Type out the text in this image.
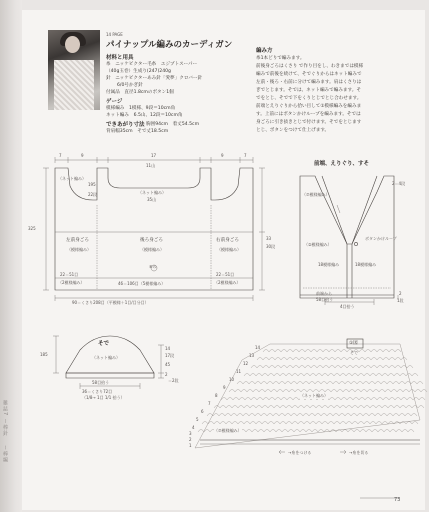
雑誌7 ー棒針
ー棒編
14 PAGE
パイナップル編みのカーディガン
材料と用具
糸　ニッケビクター毛糸　エジプトスーパー
（40g玉巻）生成り(247)240g
針　ニッケビクターあみ針「愛夢」クロバー針
6/0号かぎ針
付属品　直径1.8cmのボタン1個
ゲージ
模様編み　1模様、9段＝10cm角
ネット編み　6.5山、12段＝10cm角
できあがり寸法 胸囲94cm　着丈54.5cm
背肩幅35cm　そで丈18.5cm
編み方
糸1本どりで編みます。
前後身ごろはくさり で作り目をし、わきまでは模様
編みで前後を続けて、そでぐりからはネット編みで
左前・後ろ・右前に分けて編みます。肩はくさりは
ぎでとじます。そでは、ネット編みで編みます。そ
でをとじ、そでで下をくりとじでとじ合わせます。
前端とえりぐりから拾い目して①模様編みを編みま
す。上前にはボタンかけループを編みます。そでは
身ごろに引き抜きとじで付けます。そでをとじます
とじ、ボタンをつけて仕上げます。
7	9	17	9	7
11山
（ネット編み）
35山
（ネット編み）
195
22段
325
左前身ごろ	後ろ身ごろ	右前身ごろ
（模様編み）	（模様編み）	（模様編み）
⑥の
22＝51目
（2模様編み）	46＝106目（5模様編み）
22＝51目
（2模様編み）
90＝くさり208目（平模様＋1目/目分目）
33
30段
前端、えりぐり、すそ
2＝4段
（⑦模様編み）
ボタンかけループ
（②模様編み）
18模様編み	18模様編み
前端から
58目拾う
4目拾う
2
1段
そで
（ネット編み）
185
14
17段
45
2
＝2段
58目拾う
36＝くさり72目
（1/8→ 1目 1/1 拾う）
①図
そで
14
13
12
11
10
9
8
7
6
5
4
3
2
1
（ネット編み）
（⑦模様編み）
→糸をつける	→糸を切る
73
